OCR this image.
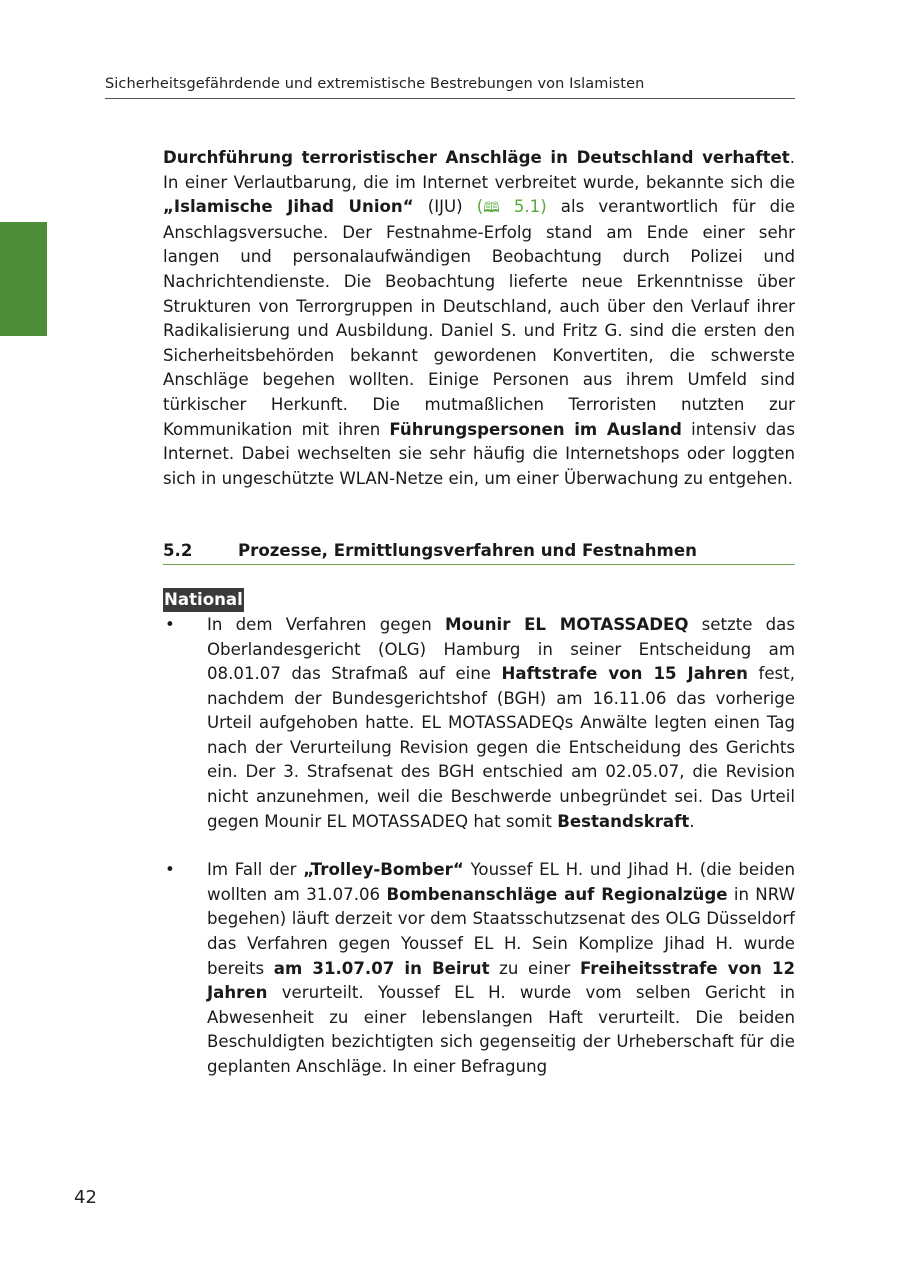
Sicherheitsgefährdende und extremistische Bestrebungen von Islamisten

Durchführung terroristischer Anschläge in Deutschland verhaftet. In einer Verlautbarung, die im Internet verbreitet wurde, bekannte sich die „Islamische Jihad Union“ (IJU) (🕮 5.1) als verantwortlich für die Anschlagsversuche. Der Festnahme-Erfolg stand am Ende einer sehr langen und personalaufwändigen Beobachtung durch Polizei und Nachrichtendienste. Die Beobachtung lieferte neue Erkenntnisse über Strukturen von Terrorgruppen in Deutschland, auch über den Verlauf ihrer Radikalisierung und Ausbildung. Daniel S. und Fritz G. sind die ersten den Sicherheitsbehörden bekannt gewordenen Konvertiten, die schwerste Anschläge begehen wollten. Einige Personen aus ihrem Umfeld sind türkischer Herkunft. Die mutmaßlichen Terroristen nutzten zur Kommunikation mit ihren Führungspersonen im Ausland intensiv das Internet. Dabei wechselten sie sehr häufig die Internetshops oder loggten sich in ungeschützte WLAN-Netze ein, um einer Überwachung zu entgehen.

5.2	Prozesse, Ermittlungsverfahren und Festnahmen
National
• In dem Verfahren gegen Mounir EL MOTASSADEQ setzte das Oberlandesgericht (OLG) Hamburg in seiner Entscheidung am 08.01.07 das Strafmaß auf eine Haftstrafe von 15 Jahren fest, nachdem der Bundesgerichtshof (BGH) am 16.11.06 das vorherige Urteil aufgehoben hatte. EL MOTASSADEQs Anwälte legten einen Tag nach der Verurteilung Revision gegen die Entscheidung des Gerichts ein. Der 3. Strafsenat des BGH entschied am 02.05.07, die Revision nicht anzunehmen, weil die Beschwerde unbegründet sei. Das Urteil gegen Mounir EL MOTASSADEQ hat somit Bestandskraft.
• Im Fall der „Trolley-Bomber“ Youssef EL H. und Jihad H. (die beiden wollten am 31.07.06 Bombenanschläge auf Regionalzüge in NRW begehen) läuft derzeit vor dem Staatsschutzsenat des OLG Düsseldorf das Verfahren gegen Youssef EL H. Sein Komplize Jihad H. wurde bereits am 31.07.07 in Beirut zu einer Freiheitsstrafe von 12 Jahren verurteilt. Youssef EL H. wurde vom selben Gericht in Abwesenheit zu einer lebenslangen Haft verurteilt. Die beiden Beschuldigten bezichtigten sich gegenseitig der Urheberschaft für die geplanten Anschläge. In einer Befragung
42
